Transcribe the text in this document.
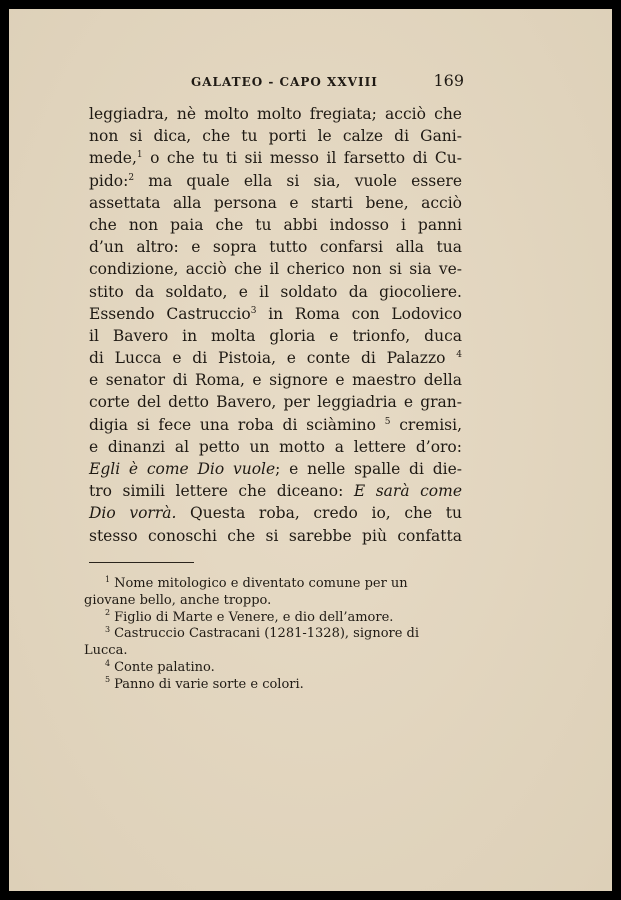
GALATEO - CAPO XXVIII	169
leggiadra, nè molto molto fregiata; acciò che
non si dica, che tu porti le calze di Gani-
mede,$^1$ o che tu ti sii messo il farsetto di Cu-
pido:$^2$ ma quale ella si sia, vuole essere
assettata alla persona e starti bene, acciò
che non paia che tu abbi indosso i panni
d’un altro: e sopra tutto confarsi alla tua
condizione, acciò che il cherico non si sia ve-
stito da soldato, e il soldato da giocoliere.
Essendo Castruccio$^3$ in Roma con Lodovico
il Bavero in molta gloria e trionfo, duca
di Lucca e di Pistoia, e conte di Palazzo $^4$
e senator di Roma, e signore e maestro della
corte del detto Bavero, per leggiadria e gran-
digia si fece una roba di sciàmino $^5$ cremisi,
e dinanzi al petto un motto a lettere d’oro:
Egli è come Dio vuole; e nelle spalle di die-
tro simili lettere che diceano: E sarà come
Dio vorrà. Questa roba, credo io, che tu
stesso conoschi che si sarebbe più confatta
$^1$ Nome mitologico e diventato comune per un
giovane bello, anche troppo.
$^2$ Figlio di Marte e Venere, e dio dell’amore.
$^3$ Castruccio Castracani (1281-1328), signore di
Lucca.
$^4$ Conte palatino.
$^5$ Panno di varie sorte e colori.
